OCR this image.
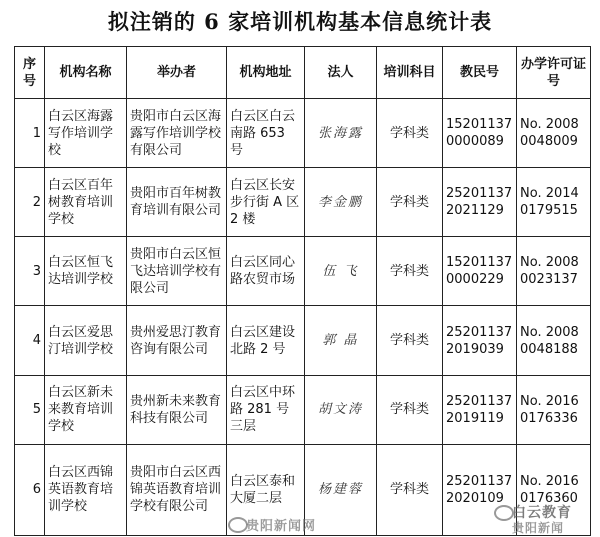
拟注销的 6 家培训机构基本信息统计表
序号	机构名称	举办者	机构地址	法人	培训科目	教民号	办学许可证号
1	白云区海露写作培训学校	贵阳市白云区海露写作培训学校有限公司	白云区白云南路 653 号	张海露	学科类	15201137 0000089	No. 2008 0048009
2	白云区百年树教育培训学校	贵阳市百年树教育培训有限公司	白云区长安步行街 A 区 2 楼	李金鹏	学科类	25201137 2021129	No. 2014 0179515
3	白云区恒飞达培训学校	贵阳市白云区恒飞达培训学校有限公司	白云区同心路农贸市场	伍 飞	学科类	15201137 0000229	No. 2008 0023137
4	白云区爱思汀培训学校	贵州爱思汀教育咨询有限公司	白云区建设北路 2 号	郭 晶	学科类	25201137 2019039	No. 2008 0048188
5	白云区新未来教育培训学校	贵州新未来教育科技有限公司	白云区中环路 281 号三层	胡文涛	学科类	25201137 2019119	No. 2016 0176336
6	白云区西锦英语教育培训学校	贵阳市白云区西锦英语教育培训学校有限公司	白云区泰和大厦二层	杨建蓉	学科类	25201137 2020109	No. 2016 0176360
贵阳新闻网
白云教育
贵阳新闻
